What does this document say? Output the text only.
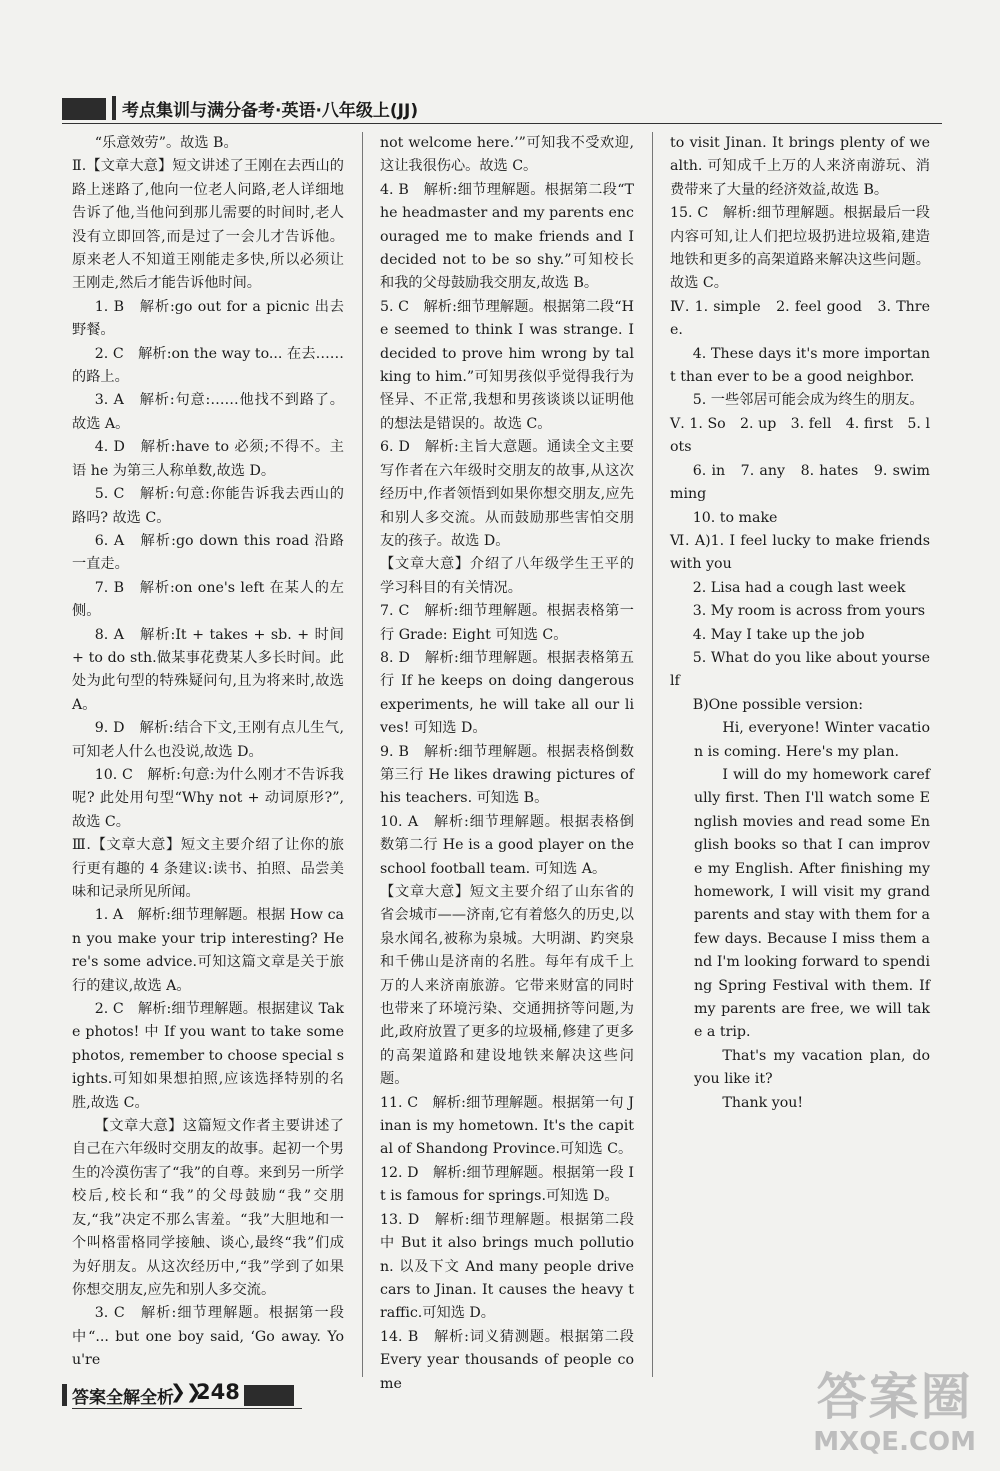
考点集训与满分备考·英语·八年级上(JJ)

“乐意效劳”。故选 B。

Ⅱ.【文章大意】短文讲述了王刚在去西山的路上迷路了,他向一位老人问路,老人详细地告诉了他,当他问到那儿需要的时间时,老人没有立即回答,而是过了一会儿才告诉他。原来老人不知道王刚能走多快,所以必须让王刚走,然后才能告诉他时间。

1. B　解析:go out for a picnic 出去野餐。

2. C　解析:on the way to... 在去……的路上。

3. A　解析:句意:……他找不到路了。故选 A。

4. D　解析:have to 必须;不得不。主语 he 为第三人称单数,故选 D。

5. C　解析:句意:你能告诉我去西山的路吗? 故选 C。

6. A　解析:go down this road 沿路一直走。

7. B　解析:on one's left 在某人的左侧。

8. A　解析:It + takes + sb. + 时间 + to do sth.做某事花费某人多长时间。此处为此句型的特殊疑问句,且为将来时,故选 A。

9. D　解析:结合下文,王刚有点儿生气,可知老人什么也没说,故选 D。

10. C　解析:句意:为什么刚才不告诉我呢? 此处用句型“Why not + 动词原形?”,故选 C。

Ⅲ.【文章大意】短文主要介绍了让你的旅行更有趣的 4 条建议:读书、拍照、品尝美味和记录所见所闻。

1. A　解析:细节理解题。根据 How can you make your trip interesting? Here's some advice.可知这篇文章是关于旅行的建议,故选 A。

2. C　解析:细节理解题。根据建议 Take photos! 中 If you want to take some photos, remember to choose special sights.可知如果想拍照,应该选择特别的名胜,故选 C。

【文章大意】这篇短文作者主要讲述了自己在六年级时交朋友的故事。起初一个男生的冷漠伤害了“我”的自尊。来到另一所学校后,校长和“我”的父母鼓励“我”交朋友,“我”决定不那么害羞。“我”大胆地和一个叫格雷格同学接触、谈心,最终“我”们成为好朋友。从这次经历中,“我”学到了如果你想交朋友,应先和别人多交流。

3. C　解析:细节理解题。根据第一段中“... but one boy said, ‘Go away. You're

not welcome here.’”可知我不受欢迎,这让我很伤心。故选 C。

4. B　解析:细节理解题。根据第二段“The headmaster and my parents encouraged me to make friends and I decided not to be so shy.”可知校长和我的父母鼓励我交朋友,故选 B。

5. C　解析:细节理解题。根据第二段“He seemed to think I was strange. I decided to prove him wrong by talking to him.”可知男孩似乎觉得我行为怪异、不正常,我想和男孩谈谈以证明他的想法是错误的。故选 C。

6. D　解析:主旨大意题。通读全文主要写作者在六年级时交朋友的故事,从这次经历中,作者领悟到如果你想交朋友,应先和别人多交流。从而鼓励那些害怕交朋友的孩子。故选 D。

【文章大意】介绍了八年级学生王平的学习科目的有关情况。

7. C　解析:细节理解题。根据表格第一行 Grade: Eight 可知选 C。

8. D　解析:细节理解题。根据表格第五行 If he keeps on doing dangerous experiments, he will take all our lives! 可知选 D。

9. B　解析:细节理解题。根据表格倒数第三行 He likes drawing pictures of his teachers. 可知选 B。

10. A　解析:细节理解题。根据表格倒数第二行 He is a good player on the school football team. 可知选 A。

【文章大意】短文主要介绍了山东省的省会城市——济南,它有着悠久的历史,以泉水闻名,被称为泉城。大明湖、趵突泉和千佛山是济南的名胜。每年有成千上万的人来济南旅游。它带来财富的同时也带来了环境污染、交通拥挤等问题,为此,政府放置了更多的垃圾桶,修建了更多的高架道路和建设地铁来解决这些问题。

11. C　解析:细节理解题。根据第一句 Jinan is my hometown. It's the capital of Shandong Province.可知选 C。

12. D　解析:细节理解题。根据第一段 It is famous for springs.可知选 D。

13. D　解析:细节理解题。根据第二段中 But it also brings much pollution. 以及下文 And many people drive cars to Jinan. It causes the heavy traffic.可知选 D。

14. B　解析:词义猜测题。根据第二段 Every year thousands of people come

to visit Jinan. It brings plenty of wealth. 可知成千上万的人来济南游玩、消费带来了大量的经济效益,故选 B。

15. C　解析:细节理解题。根据最后一段内容可知,让人们把垃圾扔进垃圾箱,建造地铁和更多的高架道路来解决这些问题。故选 C。

Ⅳ. 1. simple　2. feel good　3. Three.

4. These days it's more important than ever to be a good neighbor.

5. 一些邻居可能会成为终生的朋友。

Ⅴ. 1. So　2. up　3. fell　4. first　5. lots

6. in　7. any　8. hates　9. swimming

10. to make

Ⅵ. A)1. I feel lucky to make friends with you

2. Lisa had a cough last week

3. My room is across from yours

4. May I take up the job

5. What do you like about yourself

B)One possible version:

Hi, everyone! Winter vacation is coming. Here's my plan.

I will do my homework carefully first. Then I'll watch some English movies and read some English books so that I can improve my English. After finishing my homework, I will visit my grandparents and stay with them for a few days. Because I miss them and I'm looking forward to spending Spring Festival with them. If my parents are free, we will take a trip.

That's my vacation plan, do you like it?

Thank you!

答案全解全析
❯❯
248	答案圈
MXQE.COM
